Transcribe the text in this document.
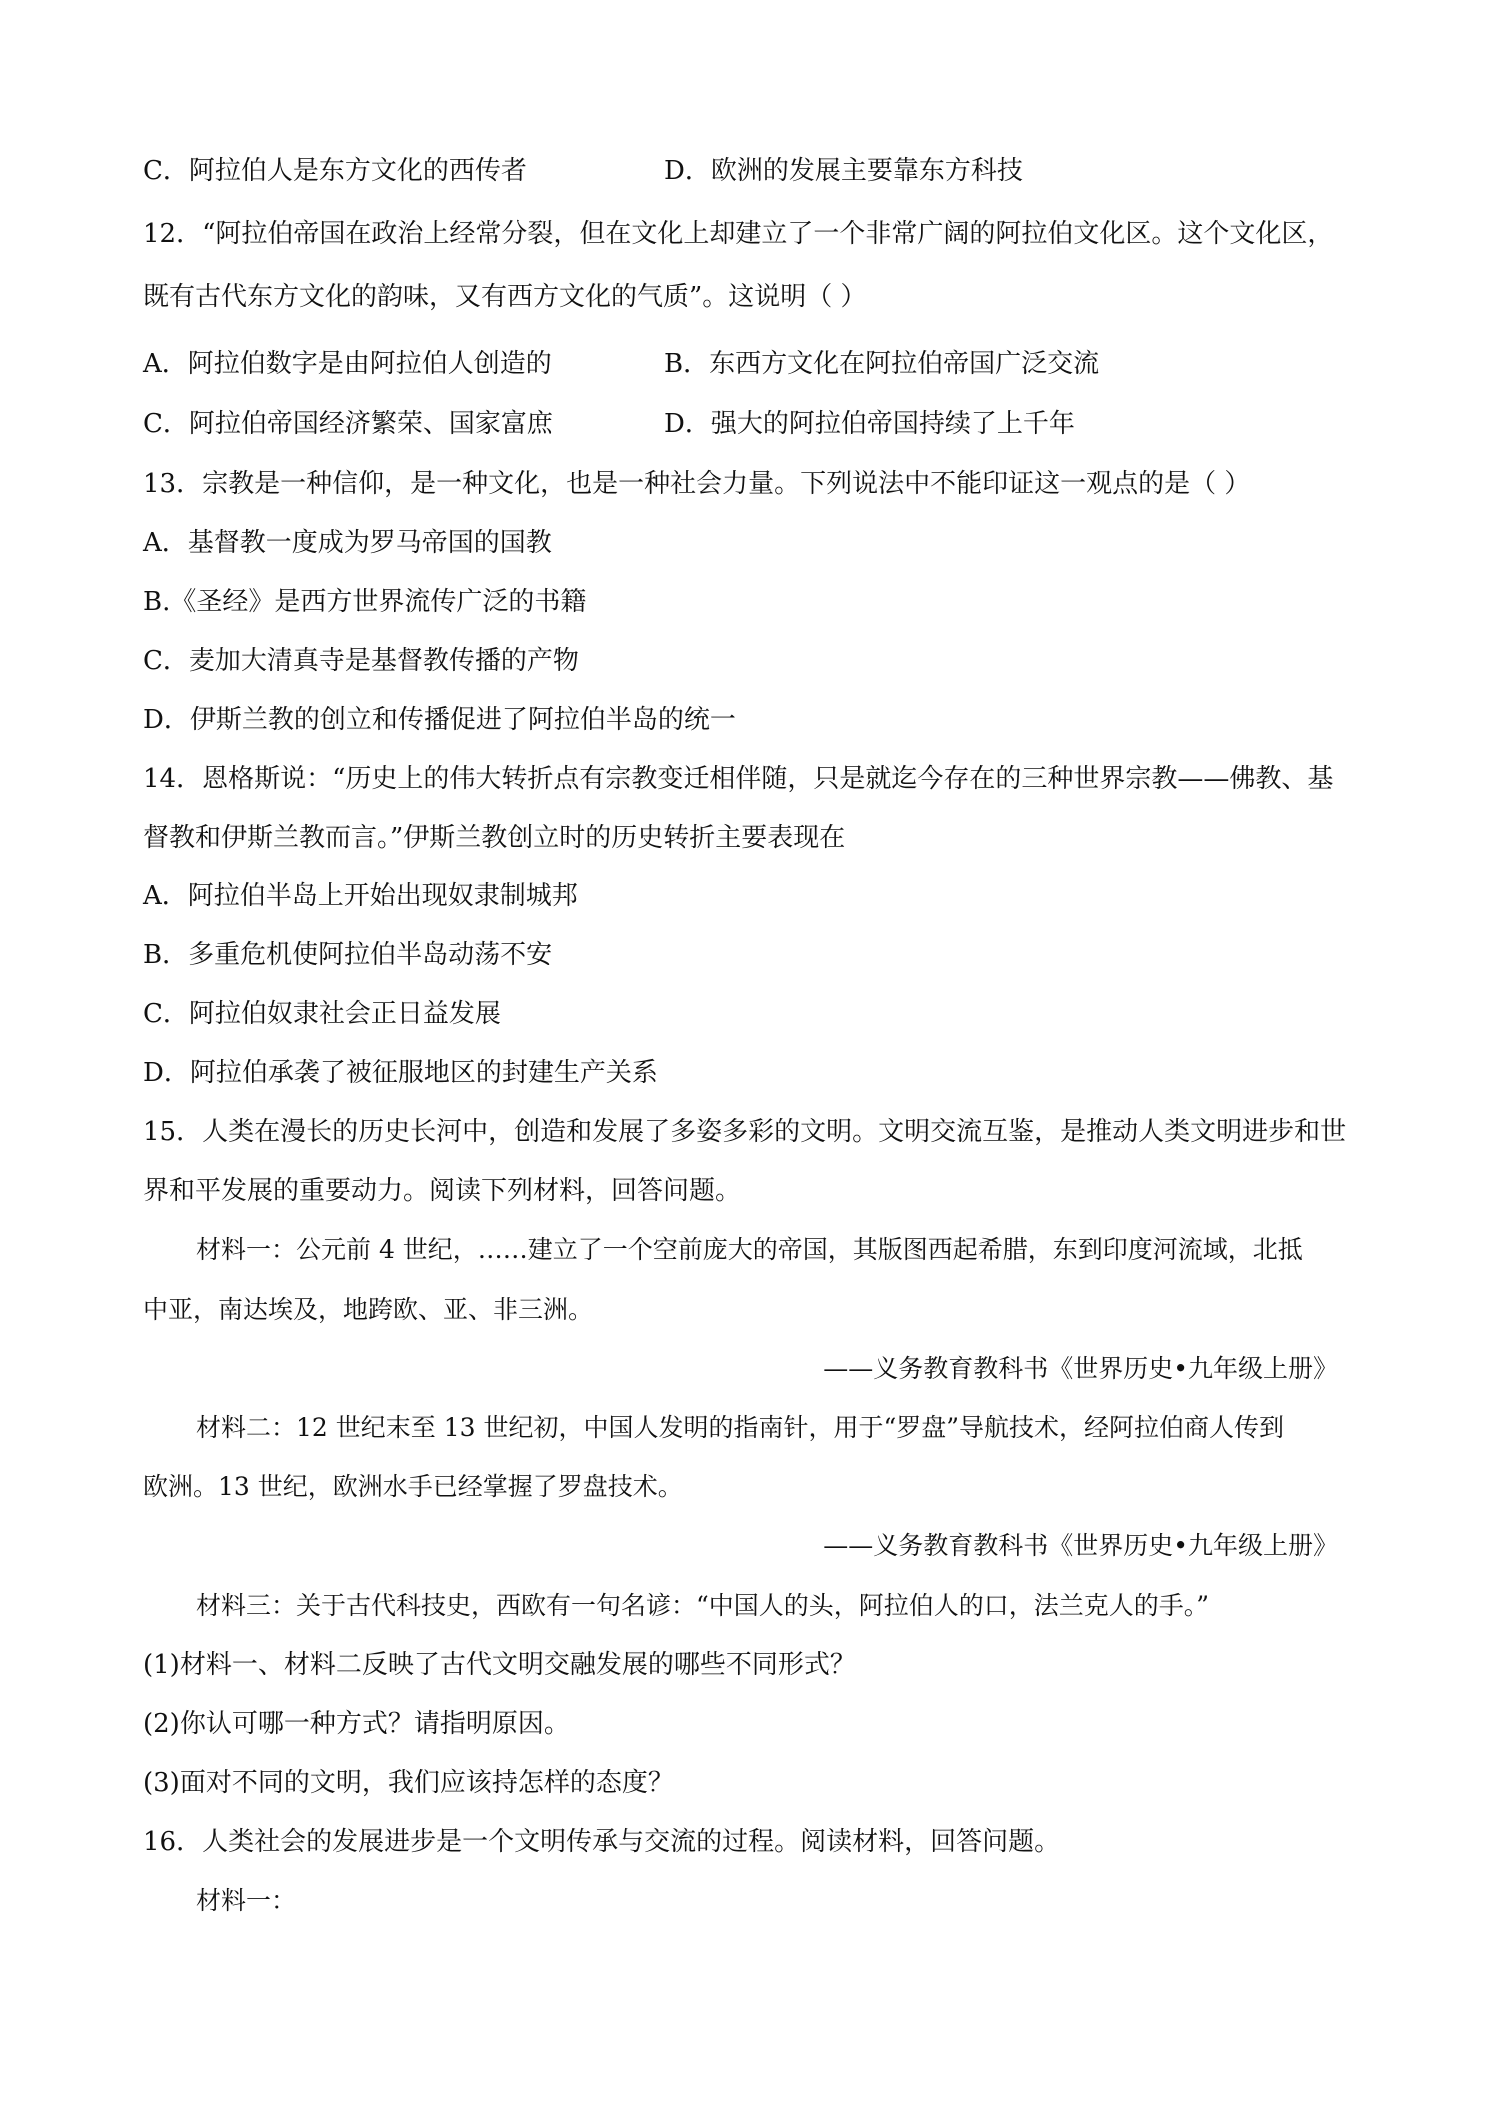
C．阿拉伯人是东方文化的西传者	D．欧洲的发展主要靠东方科技
12．“阿拉伯帝国在政治上经常分裂，但在文化上却建立了一个非常广阔的阿拉伯文化区。这个文化区，
既有古代东方文化的韵味，又有西方文化的气质”。这说明（ ）
A．阿拉伯数字是由阿拉伯人创造的	B．东西方文化在阿拉伯帝国广泛交流
C．阿拉伯帝国经济繁荣、国家富庶	D．强大的阿拉伯帝国持续了上千年
13．宗教是一种信仰，是一种文化，也是一种社会力量。下列说法中不能印证这一观点的是（ ）
A．基督教一度成为罗马帝国的国教
B.《圣经》是西方世界流传广泛的书籍
C．麦加大清真寺是基督教传播的产物
D．伊斯兰教的创立和传播促进了阿拉伯半岛的统一
14．恩格斯说：“历史上的伟大转折点有宗教变迁相伴随，只是就迄今存在的三种世界宗教——佛教、基
督教和伊斯兰教而言。”伊斯兰教创立时的历史转折主要表现在
A．阿拉伯半岛上开始出现奴隶制城邦
B．多重危机使阿拉伯半岛动荡不安
C．阿拉伯奴隶社会正日益发展
D．阿拉伯承袭了被征服地区的封建生产关系
15．人类在漫长的历史长河中，创造和发展了多姿多彩的文明。文明交流互鉴，是推动人类文明进步和世
界和平发展的重要动力。阅读下列材料，回答问题。
材料一：公元前 4 世纪，……建立了一个空前庞大的帝国，其版图西起希腊，东到印度河流域，北抵
中亚，南达埃及，地跨欧、亚、非三洲。
——义务教育教科书《世界历史•九年级上册》
材料二：12 世纪末至 13 世纪初，中国人发明的指南针，用于“罗盘”导航技术，经阿拉伯商人传到
欧洲。13 世纪，欧洲水手已经掌握了罗盘技术。
——义务教育教科书《世界历史•九年级上册》
材料三：关于古代科技史，西欧有一句名谚：“中国人的头，阿拉伯人的口，法兰克人的手。”
(1)材料一、材料二反映了古代文明交融发展的哪些不同形式？
(2)你认可哪一种方式？请指明原因。
(3)面对不同的文明，我们应该持怎样的态度？
16．人类社会的发展进步是一个文明传承与交流的过程。阅读材料，回答问题。
材料一：
